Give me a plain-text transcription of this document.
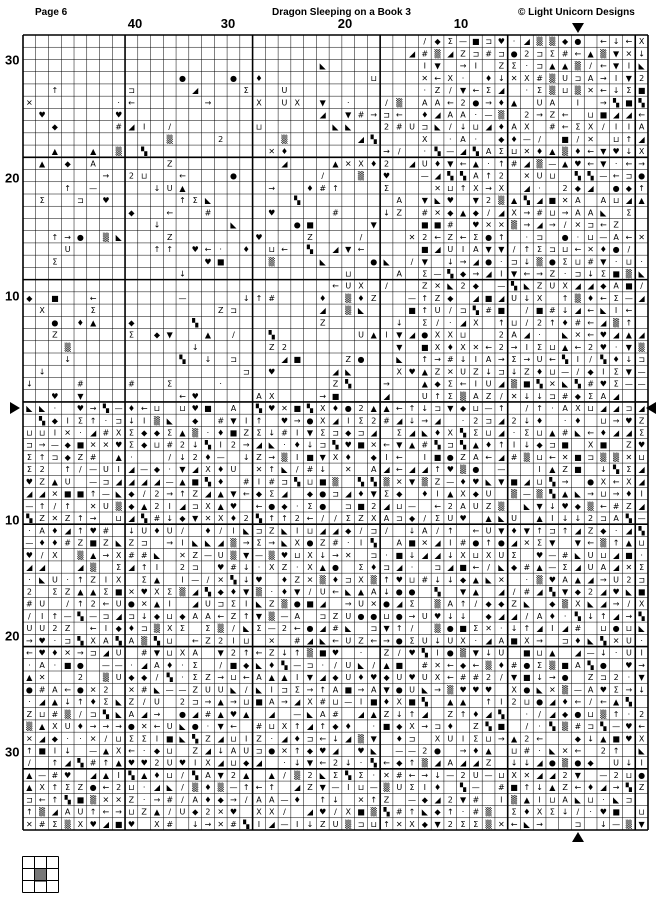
Page 6	Dragon Sleeping on a Book 3	© Light Unicorn Designs
40	30	20	10
30
20
10
10
20
30
/ ◆ Σ — ■ ⊐ ♥ · ◢ ▒ ▒ ◆ ● ← ↓ ← X
◢ # ▒ ◢ Z ⊐ # ⊐ ● 2 ⊐ Σ # ← ▲ ▒ ▼ ✕ ↓
◣	I ▼ → I	Z Σ · ⊐ ▲ ▲ ▒ / ← ▼ I ◣
●	● ♦	⊔	✕ ← X ·	♦ ↓ ✕ X # ▒ U ⊐ A → I ▼ 2
↑	⊐	◢	Σ	U	· Z / ▼ ← Σ ◢	· Σ ▒ ⊔ ▒ ✕ ← ↓ Σ ■
✕	· ←	→	X U X ▼	·	/ ▒ A A ← 2 ● → ♦ ▲ U A	I	→ ▚ ■ ▚
♥	♥	◢ ▼ # → ⊐ ← ♦ ◢ A A · — ▒ 2 → Z ← ⊔ ■ ◢ ◢ ←
◆	# ◢ I	/	⊔	◣ ◣	2 # U ⊐ ◣ / ↓ ⊔ ◢ ♦ A X # ← Σ X / I I A
▒	2	▒	◢ ▚	X	· A ·	◆ ♦ — /	■ / ✕ ⊔ ↑ ◢
▲	▲ ▒ ▚	✕ ♦	→ /	· ▚ — ◢ ▚ A Σ ⊔ ✕ ♦ ▲ ▒ ♦ ← ▼ ♥ ↓ X
▲ ◆ A	Z	◢	▲ ✕ X ♦ 2 ◢ U ♦ ▼ ← ▲ · ↑ # ◢ ▒ — ▲ ♥ ← ▼ · ← →
→ 2 ⊔	←	●	/	▒ ♥	— ◢ ▚ ▚ A ↑ 2 ✕ U ⊔ ▚ ▚ — ← ⊐ ●
↑ —	↓ U ▲	→	♦ # ↑	Σ	✕ ⊔ ↑ X → X ◢ ·	2 ◆ ◢ ● ◆ ↑
Σ	⊐ ♥	↑ Σ ◣	▚	A ▼ ◣ ♥ ▼ 2 ▒ ▲ ▚ ◢ ■ ✕ A	A ⊔ ◢ ▲
◆	←	#	♥	#	↓ Z # ✕ ◆ ▲ ◆ / ◢ X → # ⊔ → A A ◣ Σ
↓	◣	● ■	▼	■ ■ # ♥ ✕ ✕ ▒ → ◢ → / ✕ ⊐ ← Z
↑ → ● ▒ ◣	Z	♥	Z	/	✕ 2 ← Z ← Σ ● ↑	· ⊐ ● · ⊔ — A ← ✕
U	↑ ↑ ♥ ← ·	♦ ⊔ ← ▚ ◢ ▼ ←	■ ◢ U I A ▼ ▼ / ↑ Σ ⊐ ⊔ ← ✕ ♦ ● /
Σ	♥ ■	▒	◣	● ◣	/ ▼ ↓ → ◢ ● · ⊐ ↓ ▒ ● Σ ⊔ # ▼ · ⊔ ·
↓	⊔	A	Σ — ▚ ◆ → ◢ I ▼ ← → Z · ⊐ ↓ Σ ■ ▒ ◣
← U X	/	Z ✕ ◣ 2 ◆ — ▚ ◣ Z U X ◢ ◢ ◆ A ■ /
◆ ■	←	—	↓ ↑ #	♦ ▒ ♦ Z	— ↑ Z ◆ ◢ ■ ◢ U ↓ X ↑ ▒ ♦ ← Σ — ◢
X	Σ	Z ⊐	◢ ▒ ◣	■ ↑ U / ⊐ ▚ # ■	/ ■ # ↓ ◢ ← ◣ I ←
● ♦ ▲	◆	▚	Z	↓ Σ / · ◢ X ↑ ⊔ / 2 ↑ ♦ # ← ◢ ▒ ↑
Z	Σ ◆ ▼	▲	/	▚	U ▲ I ▼ ◢ ● X X ⊔	2 A ◢ ·	◣ ✕ ← ♥ ◢ ▲ ◢
▒	↓	Z 2	▼ ■ X ♦ X ✕ ← 2 → I Σ ⊔ ▲ ← 2 ♥ · ▼ ▒
↓	▚ ↓ ⊐	◢ ■	Z ●	◣ ↑ → # ↓ I A → Σ → U ← ▚ I / ▚ ♦ ↓ ⊐
↓	⊐ ♥	◢ ◣	X ♥ ▲ Z ✕ U Z ↓ ⊐ ↓ Z ♦ ⊔ — / ◆ I Σ ▼ —
↓	#	#	Σ	·	Z ▚	→	▲ ◆ Σ ← I U ◢ ▒ ■ ▚ ✕ ◣ ▚ # ♥ Σ — —
♥ ▼	← ♥	A X	→ ■	◢	U ↑ Σ ▒ A Z / ✕ ↓ ↓ ⊐ # ◆ Σ A ◢
◣ ◣ ·	♥ → ▚ — ♦ ← ⊔ ⊔ ♥ ■ A ▚ ♥ ✕ ■ ▚ X ♦ ● 2 ▲ ▲ ← ↑ ↓ ⊐ ▼ ◆ ⊔ — ↑	/ ↑ · A X ⊔ ◢ ◢ ⊐ ◢
▚ ◆ I Σ ↑ · ⊐ ↓ I ▒ ◣ ◆ # ▼ I ↑ ♥ → ● X ◢ I Σ 2 # ◢ ↓ → ◢	· 2 ⊐ ◢ 2 ↓ ♦	· ♦ ⊔ → ♥ Z
⊔ ⊔ I ✕ · ◢ # X Σ ◆ ◆ Σ ▲ ▒ · ♦ ■ Z Σ ↓ # I ▼ Σ ⊐ ◆ ⊐ ◢ Σ ◢ ◣ ♦ X ▚ Σ ⊔ ◢ · Σ ⊔ ▲ # ◣ ← ♦ ◢ ◢ Σ
⊐ → — ◆ ■ ✕ ✕ ♥ Σ ◆ ⊔ # 2 ↓ ▚ I 2 → ◢ ◣ · ♦ ↓ ⊐ ▚ ♥ ■ ✕ ← ▼ ▲ # ▚ ⊐ ▚ ▲ ♦ ↑ I ↓ ◆ ⊐ ■ X ■ Z ♥
Σ ↑ ⊐ ◆ Z # ▲ ·	/ ↓ 2 ♦ — ↓ Z → ▒ I ■ ▼ X ♦ ◆ I ←	I ■ ● Z A ← ◢ # ▒ ⊔ ← ✕ ■ ⊐ ▒ ▒ ✕ ⊔
Σ 2 ↑ / — U I ◢ — ◆ · ▼ ◢ X ♦ U ✕ ↑ ◣ / # ↓ ✕ A ◢ ← ◢ ◢ ↑ ♥ ▒ ● —	I ▲ Z ■ ↓ ▚ Σ ◢
♥ Z ▲ U — ⊐ ◢ ◢ ◢ ◢ — ▲ ■ ▚ ♦ # I # ⊐ ▚ ⊔ ■ ▒ ▚ ▚ ▒ ✕ ▼ ▒ Z — ♦ ♥ ◣ ▼ ■ ◢ ⊔ ▚ → ● X ← X ◢
◢ ◢ ✕ ■ ■ ↑ — ◣ ◆ / 2 → ↑ Z ◢ ▲ ▼ ← ◆ Σ ◢ ◆ ● ⊐ ◢ ♦ ▼ Σ ◆ ♦ I ▲ X ◆ U ▒ — ▒ ▚ ▲ ◣ → ⊔ → ♦ I
— ↑ / ↑ ✕ U ▒ ◆ ▲ 2 I ◢ ⊐ X ▲ ♥ ← ● ◆ · Σ ● ⊐ ■ 2 ◢ ⊔ — ← 2 A U Z ▒ ◣ ▼ ↓ ♥ ◆ ▒ ← # Z ◢
▚ Z ✕ Z ↑ → ⊔ ◢ ▚ # ↓ ◆ ▼ ✕ X ♦ 2 ▚ ↑ ↑ 2 ← / / Σ Z X A ⊐ ◆ / Σ U ♥ ▲ ◣ U ▲ I ↓ ↓ 2 ⊐ A ▚ —
· A ♦ ◢ ↑ ♥ # ↓ U ♦ U /	♦ / I ◣ ⊐ Z ◣ I ⊔ ◢ ◢ ◆ / ⊐ /	↓ A / ↑ ← U ▼ ♦ ▼ ↑ ⊐ ↑ ◢ Z ◆ · ◢ ▚
— ♦ ♦ # Z ■ Z ◣ Z ⊐ → I ◣ ◣ ◢ ▒ → Σ → ◣ X ● Z # · I ▚ A ■ ✕ ◢ I # ● ↑ ● ◢ ✕ Σ ▼ ▼ ← ▒ ↑ ▲ ⊔
♥ / X ▒ ▲ → X # # ◣ ✕ Z — U ▒ ▼ — ▒ ♥ ⊔ X ↓ → ✕ ⊐ · ■ ↓ ◢ ◢ ↓ X ⊔ X U Σ ♥ — # ◣ U ⊔ ◢ ■ ·
◢ ◢	◢ ▒ Σ ◢ ↑ I	2 ⊐ ♥ # ↓ · X Z · X ▲ ● Σ ♦ ⊐ ◢ ·	⊐ ◢ ■ ← / ◣ ◆ # ▲ — Σ ◢ U A ◢ ✕ Σ
· ◣ U · ↑ Z I X	Σ ▲	I — / ✕ ▚ ↓ ♥ ♦ Z ✕ ▒ ♦ ⊐ X ▒ ↑ ♥ ⊔ # ↓ ↓ ◆ ▲ ◣ ✕	· ▒ ♥ A ▲ ◢ → U 2 ⊐
2	Σ Z ▲ ▲ Σ ■ ✕ ♥ X Σ ▒ ◢ ▚ ◆ ♦ ▼ ▒ · ♦ ▼ / U ← ◣ ▲ A ↓ ● ● ▚ ▼ ▲ ◢ / # ◢ ▚ ▼ ◆ 2 ◢ ♥ ◣ ■
# U	/ ↑ 2 ← U ● ✕ ▲ I	◢ U ⊐ Σ I ◣ Z ▒ ● ■ ◢ → U ✕ ● ◢ Σ ▒ A ↑ / ◆ ◆ Z ◣ ◆ ▒ X ◣ ◢ → / X
/ I ↑ — ▚ — ⊐ ◢ ⊐ ↓ ◆ ⊔ ◆ A A ← Z ↑ ▼ ▒ — A ⊐ Z U ● ● ⊔ ● → U ♥ ↓ ↓ ◆ ◢ ◢ / A ♦ · ▚ ↓ ↑ ◢ → ▚
U U 2 Z ← I ◆ ♦ ⊐ ▒ X Σ	Σ ▒ / ◣ Σ — 2 ← ● ◢ # ◣ ⊐ ▼ ↑ /	▒ ● ■ Σ ✕ · ↓ ↑ ◢ I ◢ # ⊔ ● ⊔ ◣
→ ♥ · ⊐ ▚ X A ▚ A ▒ ▚ ⊔ ← Z 2 I ⊔ ✕ # ◢ ◣ ← U Z ← → ● Σ U ↓ U X · ◢ A ■ X → ⊐ ♦ ◣ ▚ ✕ U ·
← ♥ ♦ ✕ → ⊐ ◢ U # ▼ ⊔ X A ▼ 2 ↑ ← Z ↓ ↑ ▒ ■ ♥	·	Z / ♥ ▚ I ● ▒ ▼ ↓ U ■ ⊔ ▲ ◢ — ↓ · U I
· A · ■ ● — — · ◢ A ♦ · Σ	/ ■ ◆ ◣ ♦ ▚ — ⊐ · / U ◣ / ▲ ■ # ✕ ← ◆ ← ▒ ♦ # ● Σ ▒ ■ A ▚ ● ♥ →
▲ ✕	2 ▒ U ◆ ◆ / ▚ · Σ Z → ⊔ ← A ▲ ▲ I ▼ ◢ ◆ U ♦ ♥ ◆ U ♥ U X ← # # 2 / ▼ ■ ↓ → ● Z ⊐ 2 · ▼
● # A ← ● ✕ 2 ✕ # ◣ — — Z U U ◣ / ◣ I ⊐ Σ → ↑ A ■ → A ▼ ● U ◣ → ▒ ♥ ♥ ♥ X ● ◣ ✕ ▒ — A ♥ Σ → ↓
· ◢ ▲ ↓ ↑ ♦ Σ ◣ Z / U	2 ⊐ → ▲ → ⊔ ■ A → ◢ X # ⊔ — I ■ ♦ X ■ ▚ ▲ ▲ ↑ I 2 ⊔ ● ◢ ♦ ← / ← ▲ ▚
Z ⊔ # ▒ / ⊐ ▚ ◣ A ◢ → ● ◢ # ▲ ♥ ▲ ◢ — ◣ A # ◢ ▲ Z ↓ ↑ ◢ Z ↑ ♦ ◢ ▚	· / ◢ ◆ ● ⊔ ▒ ↑ · 2
▒ ▲ X U ♦ → → → ● ✕ ← U ◣ ● · ▼ ← # ⊔ X ↑ ◢ ↑ ◆ ♦	· ■ ◆ X → ⊐ ♦ Z ▚ ■	/ · ▚ ▒ # ⊐ ▚ — ♥ ←
✕ ◢ ◆ · · ✕ / ⊔ Σ Σ I ■ ◣ ▚ Z ◢ ⊔ I Z · ◢ ♦ ⊐ ← ↓ ◢ ▒ ▼ ♦ ⊐ X U I Σ ⊔ → ▲ 2 ←	◆ ↓ ▲ ■ ♥ X
↑ ■ I ↓ — ▲ X ← · ◆ ⊔ Z ◢ ↓ A U ⊐ ● ✕ ↑ ◆ ♥ ◢ ♥ ◣ — — 2 ● → ♦ ▲ ⊔ # · ◣ ✕ ← 2 ↑ ◣
/	↑ ◢ ▚ # ↑ ▲ ♥ ♥ 2 U ♥ I X ◢ ⊔ ◆ ◢	· ↓ ▼ ← 2 ↓ · ▚ ← ◆ ↑ ▒ ◢ A ◢ ◢ Z ↓ ↓ ◢ ● ▒ ● ◆ U ↓ I
▲ — # ♥ ◢ ▲ I ▚ ▲ ♦ ⊔ / ▚ A ▼ 2 ▲ ▲ / ▒ 2 ◣ Σ ▚ Σ · ✕ # ← → ↓ — 2 U — ⊔ X ✕ ◢ ◢ 2 ▼ — 2 ⊔ ●
▲ X ↑ Σ Z ● ← 2 ⊔ · ◢ ◣ / ▒ ♦ ▒ — ↑ ← ↑ ◢ Z ▼ — I ⊔ — ▒ U Σ I ♦ ▚ — # ■ ↑ ↓ ▲ Z ← ♦ ◢ → ▚ Z
⊐ ← ↑ ▚ ■ ▒ ✕ ✕ Z · → # / A ♦ ◆ → / A A — ♦ ↑ ↓ ✕ ↑ Z — ◆ ◢ 2 ▼ #	I ▒ ▲ I ⊔ A ◣ ⊔ · ◣ ⊐
↑ ▒ ◢ A U ↑ ← → ⊔ Z ▲ / U ◆ 2 ✕ ♥ X X /	◢ ♥ / X ■ ▒ ▚ # ↑ ◣ ◆ ↑ · # ▒ Σ ♦ X Σ ↓ / · ♥ ■ ⊔
✕ # Σ ▒ X ♥ ◢ ■ ♥ X # ↓ → ✕ # ▚ I ◢ — I ↓ Z U ▒ ⊐ ⊔ ↑ ✕ X ◆ ▼ 2 Σ Σ ▒ ✕ ← ◣ →	⊐ ↓ — ▒ ▼
